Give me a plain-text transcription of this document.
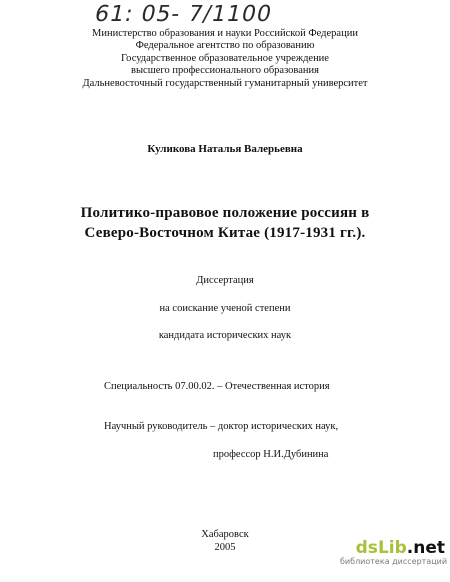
61: 05- 7/1100
Министерство образования и науки Российской Федерации
Федеральное агентство по образованию
Государственное образовательное учреждение
высшего профессионального образования
Дальневосточный государственный гуманитарный университет
Куликова Наталья Валерьевна
Политико-правовое положение россиян в
Северо-Восточном Китае (1917-1931 гг.).
Диссертация
на соискание ученой степени
кандидата исторических наук
Специальность 07.00.02. – Отечественная история
Научный руководитель – доктор исторических наук,
профессор Н.И.Дубинина
Хабаровск
2005	dsLib.net
библиотека диссертаций
